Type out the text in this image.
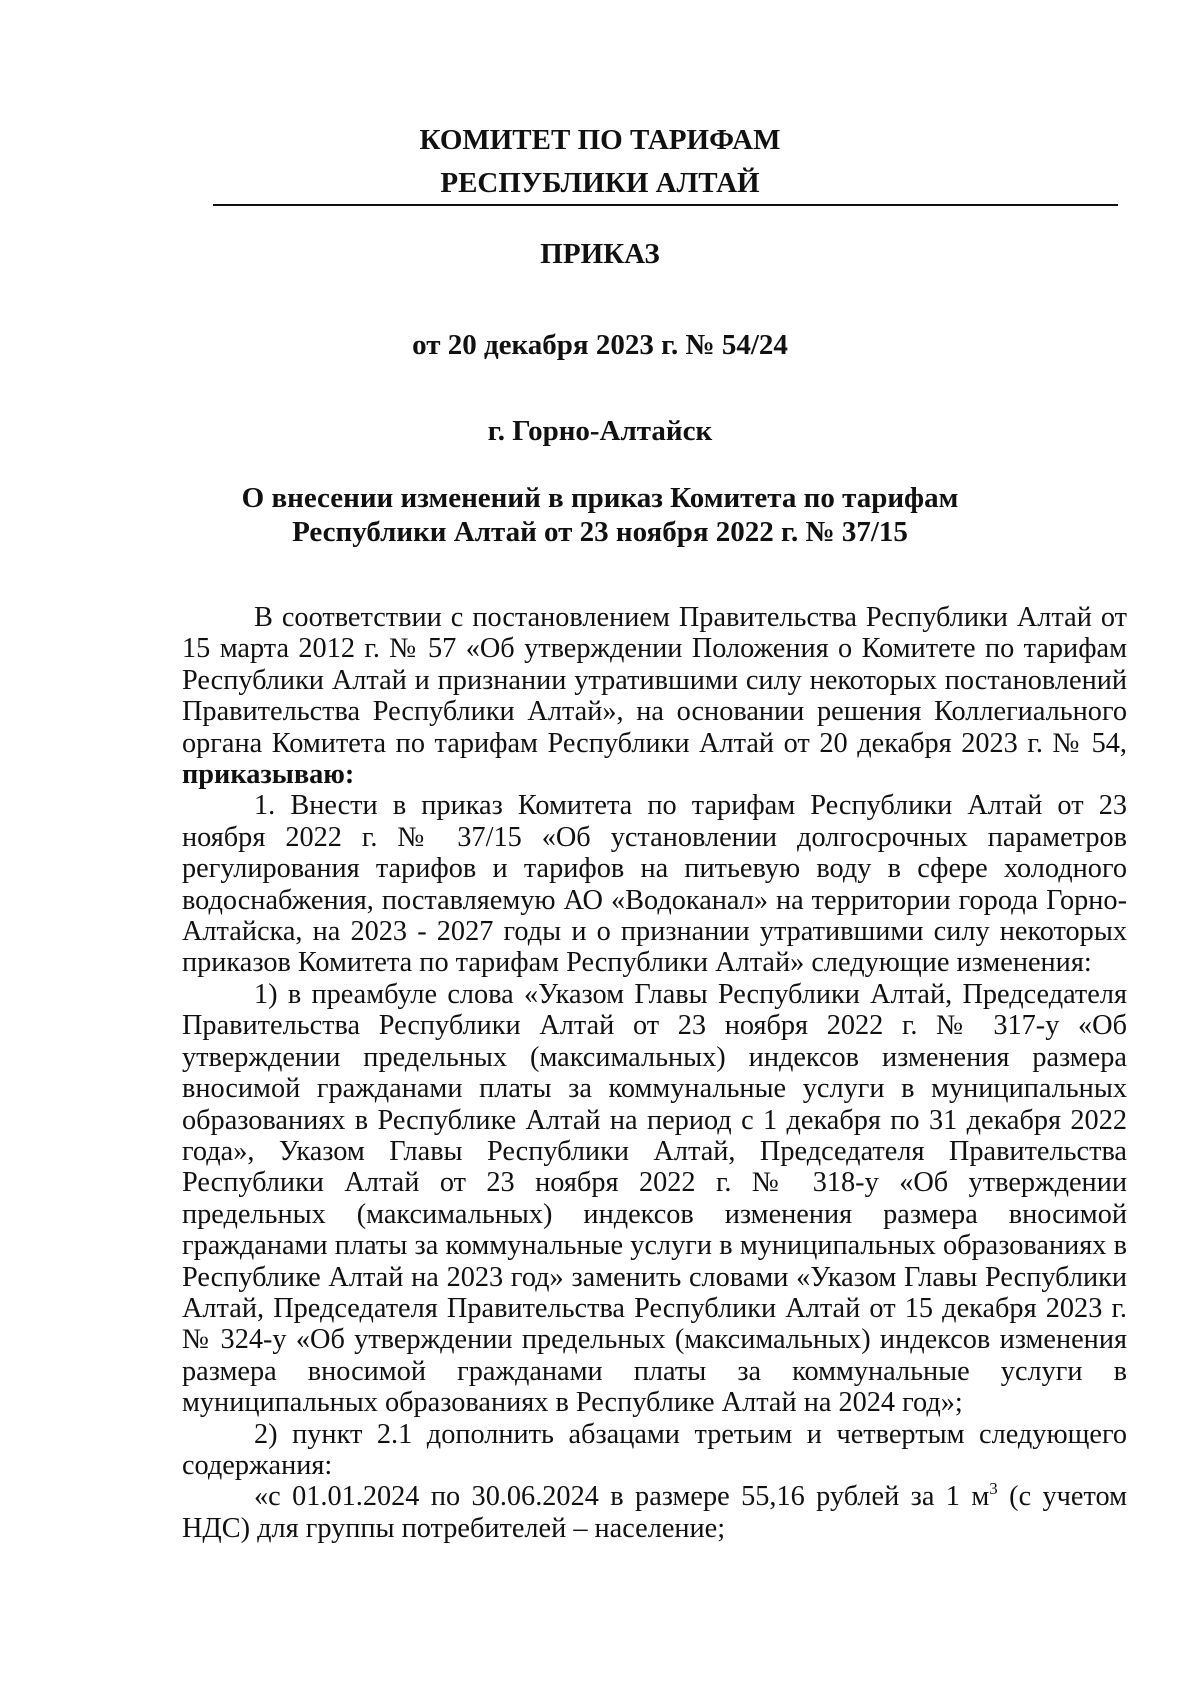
КОМИТЕТ ПО ТАРИФАМ
РЕСПУБЛИКИ АЛТАЙ
ПРИКАЗ
от 20 декабря 2023 г. № 54/24
г. Горно-Алтайск
О внесении изменений в приказ Комитета по тарифам
Республики Алтай от 23 ноября 2022 г. № 37/15

В соответствии с постановлением Правительства Республики Алтай от 15 марта 2012 г. № 57 «Об утверждении Положения о Комитете по тарифам Республики Алтай и признании утратившими силу некоторых постановлений Правительства Республики Алтай», на основании решения Коллегиального органа Комитета по тарифам Республики Алтай от 20 декабря 2023 г. № 54, приказываю:

1. Внести в приказ Комитета по тарифам Республики Алтай от 23 ноября 2022 г. № 37/15 «Об установлении долгосрочных параметров регулирования тарифов и тарифов на питьевую воду в сфере холодного водоснабжения, поставляемую АО «Водоканал» на территории города Горно-Алтайска, на 2023 - 2027 годы и о признании утратившими силу некоторых приказов Комитета по тарифам Республики Алтай» следующие изменения:

1) в преамбуле слова «Указом Главы Республики Алтай, Председателя Правительства Республики Алтай от 23 ноября 2022 г. № 317-у «Об утверждении предельных (максимальных) индексов изменения размера вносимой гражданами платы за коммунальные услуги в муниципальных образованиях в Республике Алтай на период с 1 декабря по 31 декабря 2022 года», Указом Главы Республики Алтай, Председателя Правительства Республики Алтай от 23 ноября 2022 г. № 318-у «Об утверждении предельных (максимальных) индексов изменения размера вносимой гражданами платы за коммунальные услуги в муниципальных образованиях в Республике Алтай на 2023 год» заменить словами «Указом Главы Республики Алтай, Председателя Правительства Республики Алтай от 15 декабря 2023 г. № 324-у «Об утверждении предельных (максимальных) индексов изменения размера вносимой гражданами платы за коммунальные услуги в муниципальных образованиях в Республике Алтай на 2024 год»;

2) пункт 2.1 дополнить абзацами третьим и четвертым следующего содержания:

«с 01.01.2024 по 30.06.2024 в размере 55,16 рублей за 1 $м^3$ (с учетом НДС) для группы потребителей – население;
